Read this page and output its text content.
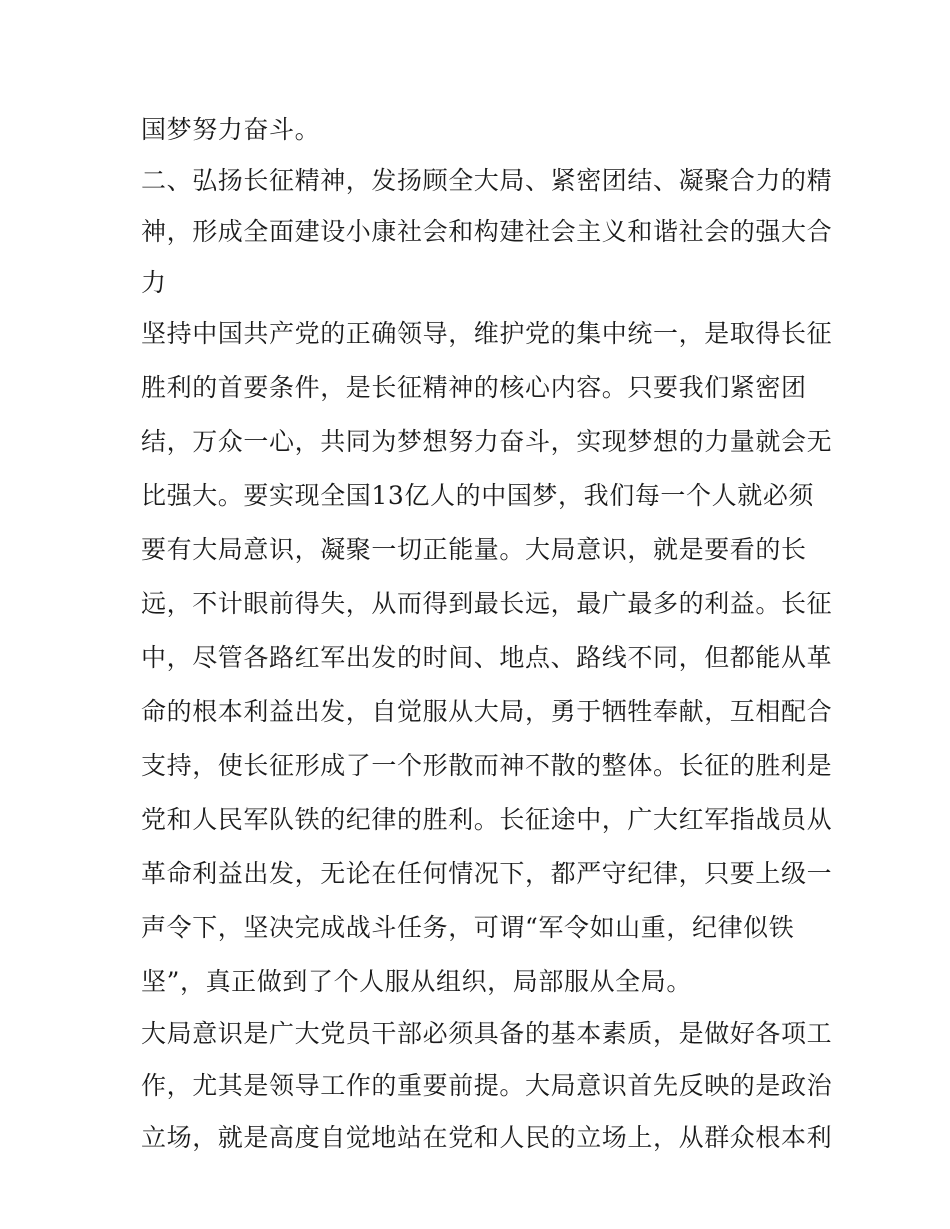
国梦努力奋斗。
二、弘扬长征精神，发扬顾全大局、紧密团结、凝聚合力的精
神，形成全面建设小康社会和构建社会主义和谐社会的强大合
力
坚持中国共产党的正确领导，维护党的集中统一，是取得长征
胜利的首要条件，是长征精神的核心内容。只要我们紧密团
结，万众一心，共同为梦想努力奋斗，实现梦想的力量就会无
比强大。要实现全国13亿人的中国梦，我们每一个人就必须
要有大局意识，凝聚一切正能量。大局意识，就是要看的长
远，不计眼前得失，从而得到最长远，最广最多的利益。长征
中，尽管各路红军出发的时间、地点、路线不同，但都能从革
命的根本利益出发，自觉服从大局，勇于牺牲奉献，互相配合
支持，使长征形成了一个形散而神不散的整体。长征的胜利是
党和人民军队铁的纪律的胜利。长征途中，广大红军指战员从
革命利益出发，无论在任何情况下，都严守纪律，只要上级一
声令下，坚决完成战斗任务，可谓“军令如山重，纪律似铁
坚”，真正做到了个人服从组织，局部服从全局。
大局意识是广大党员干部必须具备的基本素质，是做好各项工
作，尤其是领导工作的重要前提。大局意识首先反映的是政治
立场，就是高度自觉地站在党和人民的立场上，从群众根本利
